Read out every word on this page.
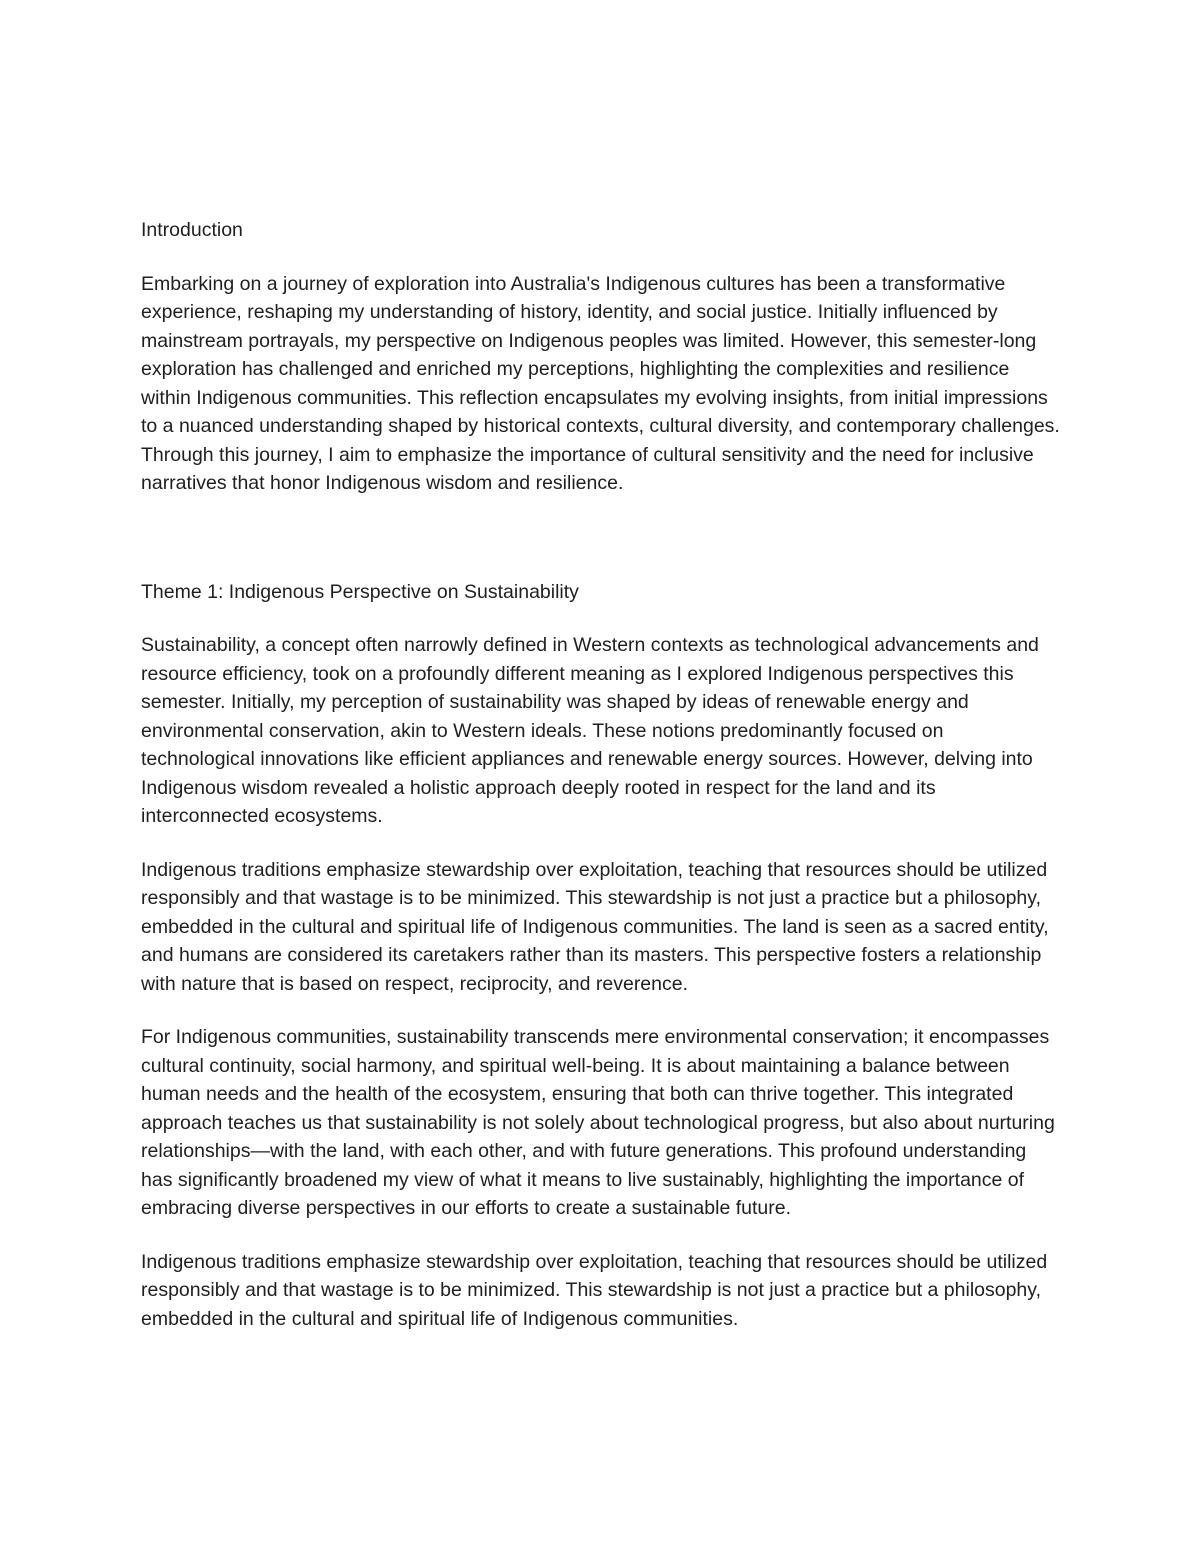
Introduction

Embarking on a journey of exploration into Australia's Indigenous cultures has been a transformative experience, reshaping my understanding of history, identity, and social justice. Initially influenced by mainstream portrayals, my perspective on Indigenous peoples was limited. However, this semester-long exploration has challenged and enriched my perceptions, highlighting the complexities and resilience within Indigenous communities. This reflection encapsulates my evolving insights, from initial impressions to a nuanced understanding shaped by historical contexts, cultural diversity, and contemporary challenges. Through this journey, I aim to emphasize the importance of cultural sensitivity and the need for inclusive narratives that honor Indigenous wisdom and resilience.

Theme 1: Indigenous Perspective on Sustainability

Sustainability, a concept often narrowly defined in Western contexts as technological advancements and resource efficiency, took on a profoundly different meaning as I explored Indigenous perspectives this semester. Initially, my perception of sustainability was shaped by ideas of renewable energy and environmental conservation, akin to Western ideals. These notions predominantly focused on technological innovations like efficient appliances and renewable energy sources. However, delving into Indigenous wisdom revealed a holistic approach deeply rooted in respect for the land and its interconnected ecosystems.

Indigenous traditions emphasize stewardship over exploitation, teaching that resources should be utilized responsibly and that wastage is to be minimized. This stewardship is not just a practice but a philosophy, embedded in the cultural and spiritual life of Indigenous communities. The land is seen as a sacred entity, and humans are considered its caretakers rather than its masters. This perspective fosters a relationship with nature that is based on respect, reciprocity, and reverence.

For Indigenous communities, sustainability transcends mere environmental conservation; it encompasses cultural continuity, social harmony, and spiritual well-being. It is about maintaining a balance between human needs and the health of the ecosystem, ensuring that both can thrive together. This integrated approach teaches us that sustainability is not solely about technological progress, but also about nurturing relationships—with the land, with each other, and with future generations. This profound understanding has significantly broadened my view of what it means to live sustainably, highlighting the importance of embracing diverse perspectives in our efforts to create a sustainable future.

Indigenous traditions emphasize stewardship over exploitation, teaching that resources should be utilized responsibly and that wastage is to be minimized. This stewardship is not just a practice but a philosophy, embedded in the cultural and spiritual life of Indigenous communities.
